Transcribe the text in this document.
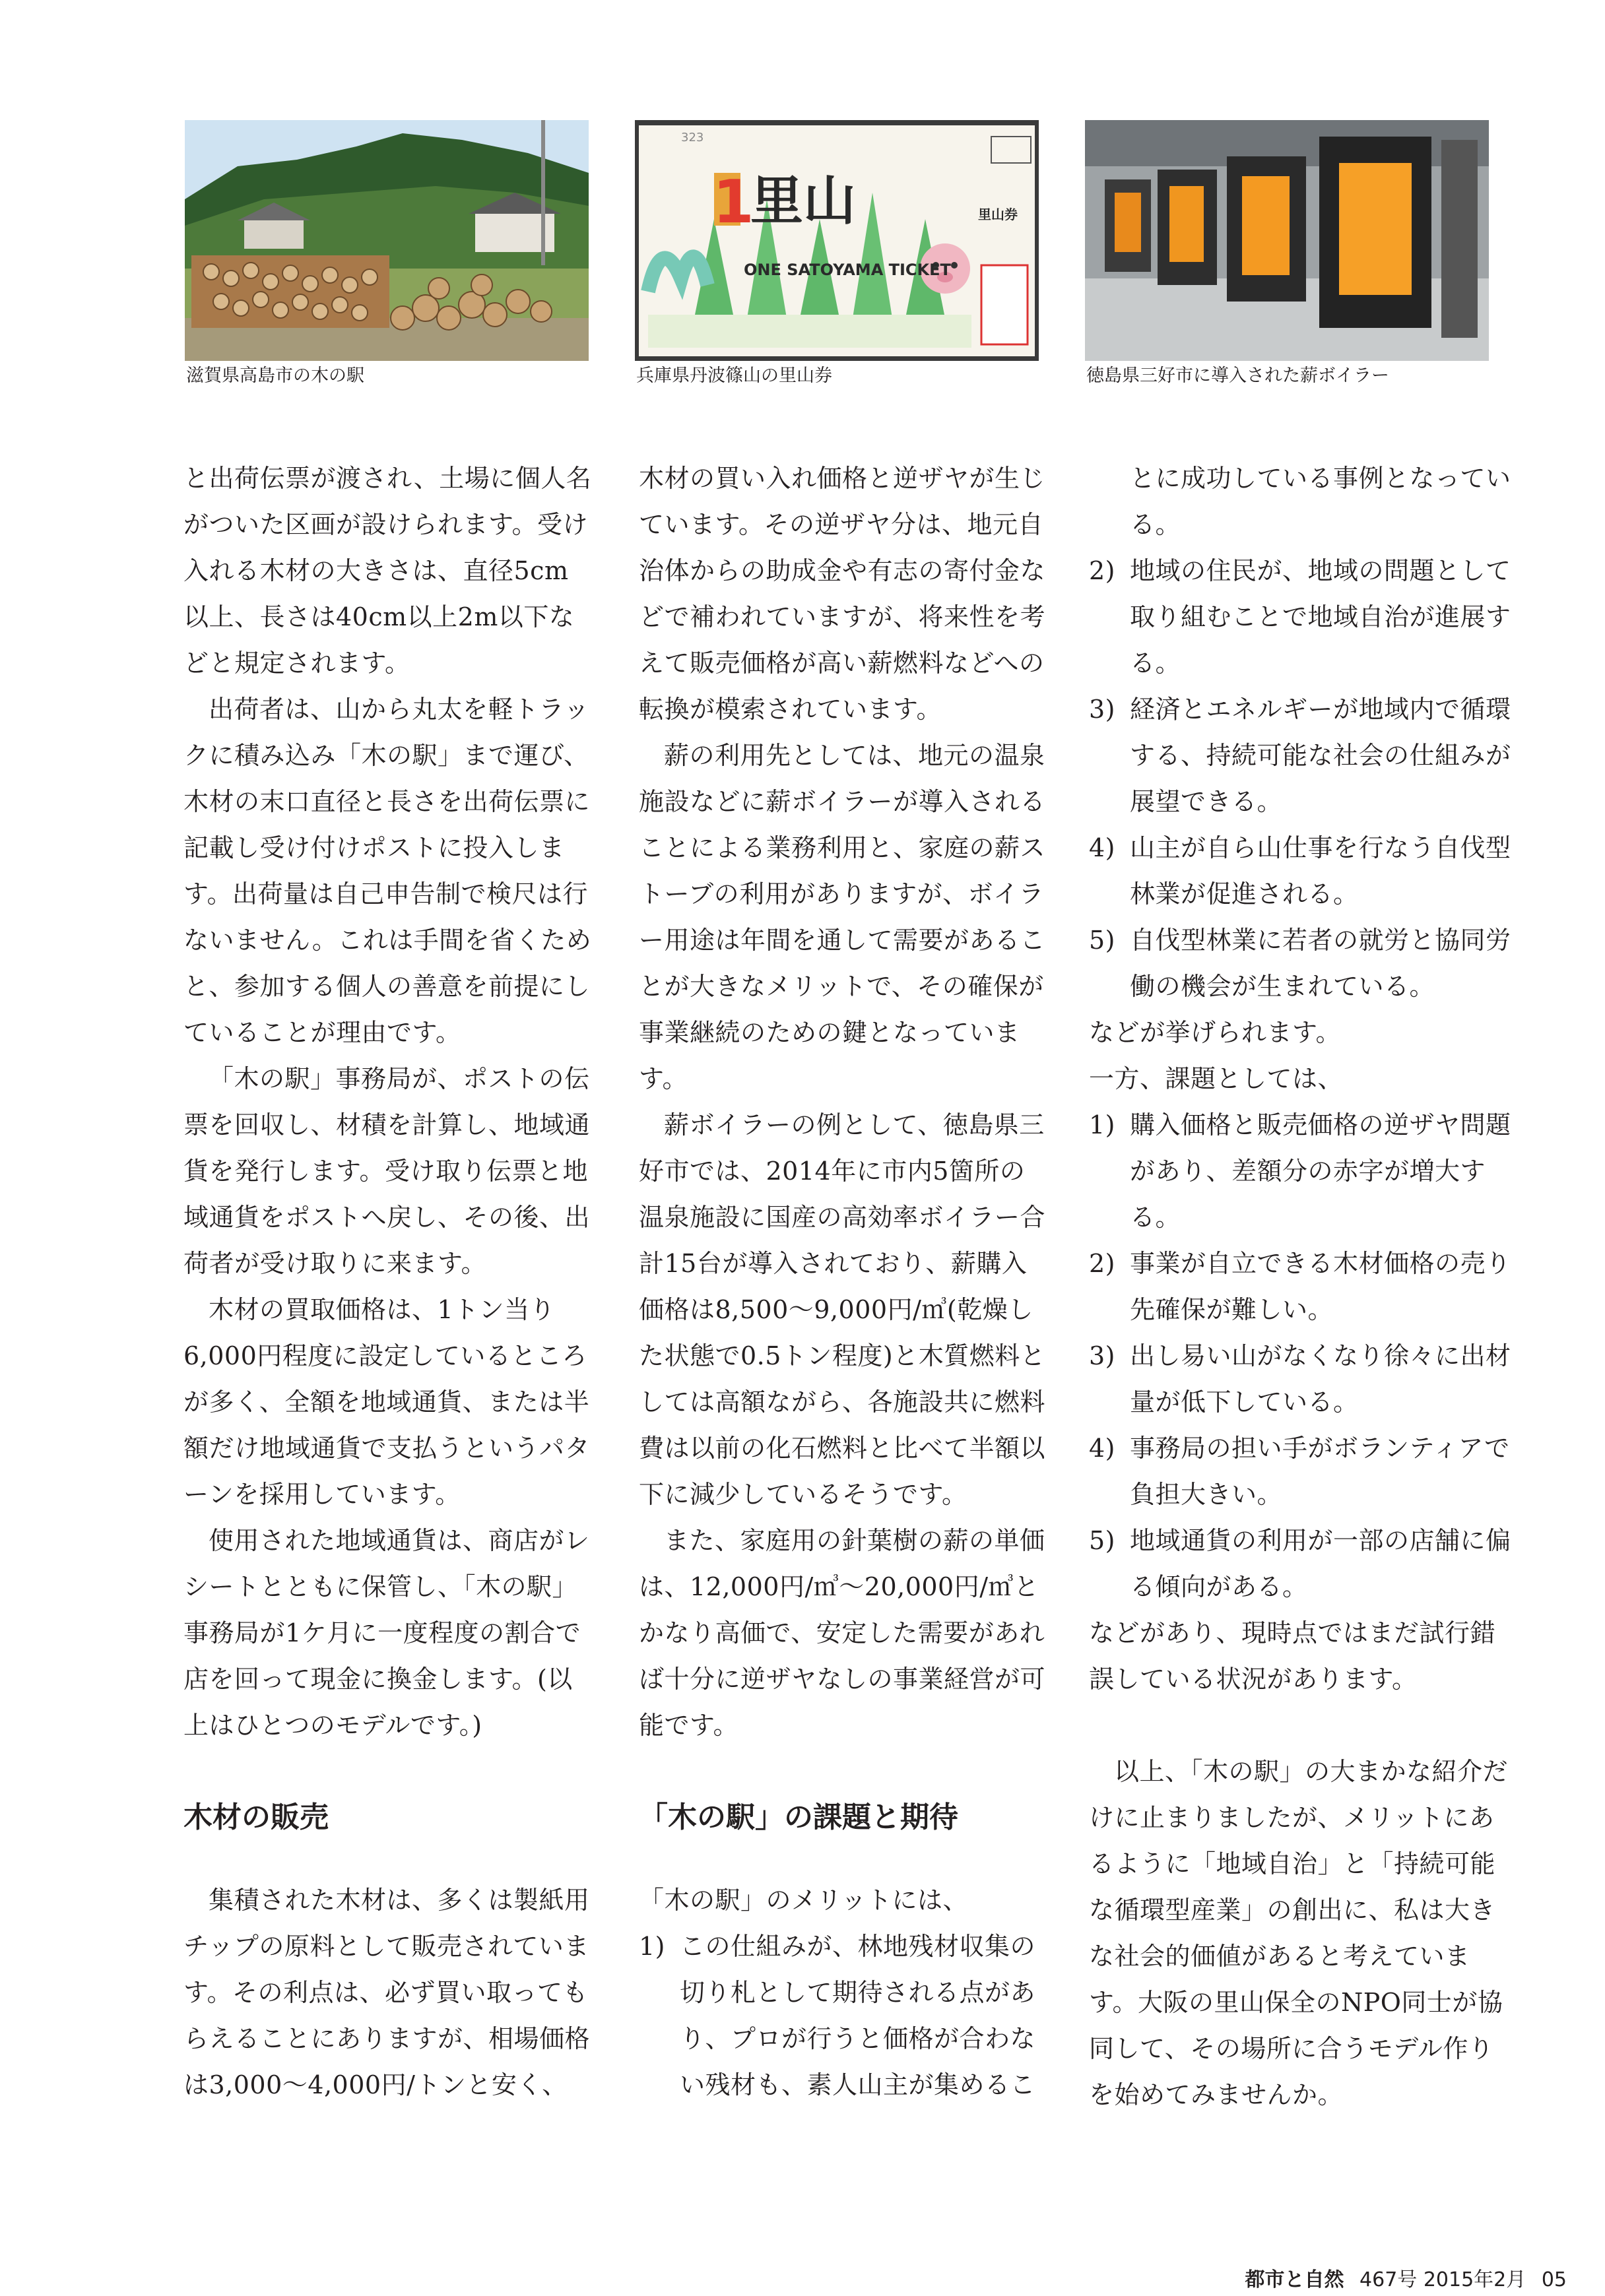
滋賀県高島市の木の駅
323
1
里山
ONE SATOYAMA TICKET
里山券
兵庫県丹波篠山の里山券	徳島県三好市に導入された薪ボイラー

と出荷伝票が渡され、土場に個人名がついた区画が設けられます。受け入れる木材の大きさは、直径5cm以上、長さは40cm以上2m以下などと規定されます。

出荷者は、山から丸太を軽トラックに積み込み「木の駅」まで運び、木材の末口直径と長さを出荷伝票に記載し受け付けポストに投入します。出荷量は自己申告制で検尺は行ないません。これは手間を省くためと、参加する個人の善意を前提にしていることが理由です。

「木の駅」事務局が、ポストの伝票を回収し、材積を計算し、地域通貨を発行します。受け取り伝票と地域通貨をポストへ戻し、その後、出荷者が受け取りに来ます。

木材の買取価格は、1トン当り6,000円程度に設定しているところが多く、全額を地域通貨、または半額だけ地域通貨で支払うというパターンを採用しています。

使用された地域通貨は、商店がレシートとともに保管し、「木の駅」事務局が1ケ月に一度程度の割合で店を回って現金に換金します。(以上はひとつのモデルです。)

木材の販売

集積された木材は、多くは製紙用チップの原料として販売されています。その利点は、必ず買い取ってもらえることにありますが、相場価格は3,000〜4,000円/トンと安く、

木材の買い入れ価格と逆ザヤが生じています。その逆ザヤ分は、地元自治体からの助成金や有志の寄付金などで補われていますが、将来性を考えて販売価格が高い薪燃料などへの転換が模索されています。

薪の利用先としては、地元の温泉施設などに薪ボイラーが導入されることによる業務利用と、家庭の薪ストーブの利用がありますが、ボイラー用途は年間を通して需要があることが大きなメリットで、その確保が事業継続のための鍵となっています。

薪ボイラーの例として、徳島県三好市では、2014年に市内5箇所の温泉施設に国産の高効率ボイラー合計15台が導入されており、薪購入価格は8,500〜9,000円/㎥(乾燥した状態で0.5トン程度)と木質燃料としては高額ながら、各施設共に燃料費は以前の化石燃料と比べて半額以下に減少しているそうです。

また、家庭用の針葉樹の薪の単価は、12,000円/㎥〜20,000円/㎥とかなり高価で、安定した需要があれば十分に逆ザヤなしの事業経営が可能です。

「木の駅」の課題と期待

「木の駅」のメリットには、

1) この仕組みが、林地残材収集の切り札として期待される点があり、プロが行うと価格が合わない残材も、素人山主が集めるこ

とに成功している事例となっている。

2) 地域の住民が、地域の問題として取り組むことで地域自治が進展する。

3) 経済とエネルギーが地域内で循環する、持続可能な社会の仕組みが展望できる。

4) 山主が自ら山仕事を行なう自伐型林業が促進される。

5) 自伐型林業に若者の就労と協同労働の機会が生まれている。

などが挙げられます。

一方、課題としては、

1) 購入価格と販売価格の逆ザヤ問題があり、差額分の赤字が増大する。

2) 事業が自立できる木材価格の売り先確保が難しい。

3) 出し易い山がなくなり徐々に出材量が低下している。

4) 事務局の担い手がボランティアで負担大きい。

5) 地域通貨の利用が一部の店舗に偏る傾向がある。

などがあり、現時点ではまだ試行錯誤している状況があります。

以上、「木の駅」の大まかな紹介だけに止まりましたが、メリットにあるように「地域自治」と「持続可能な循環型産業」の創出に、私は大きな社会的価値があると考えています。大阪の里山保全のNPO同士が協同して、その場所に合うモデル作りを始めてみませんか。

都市と自然 467号 2015年2月 05
